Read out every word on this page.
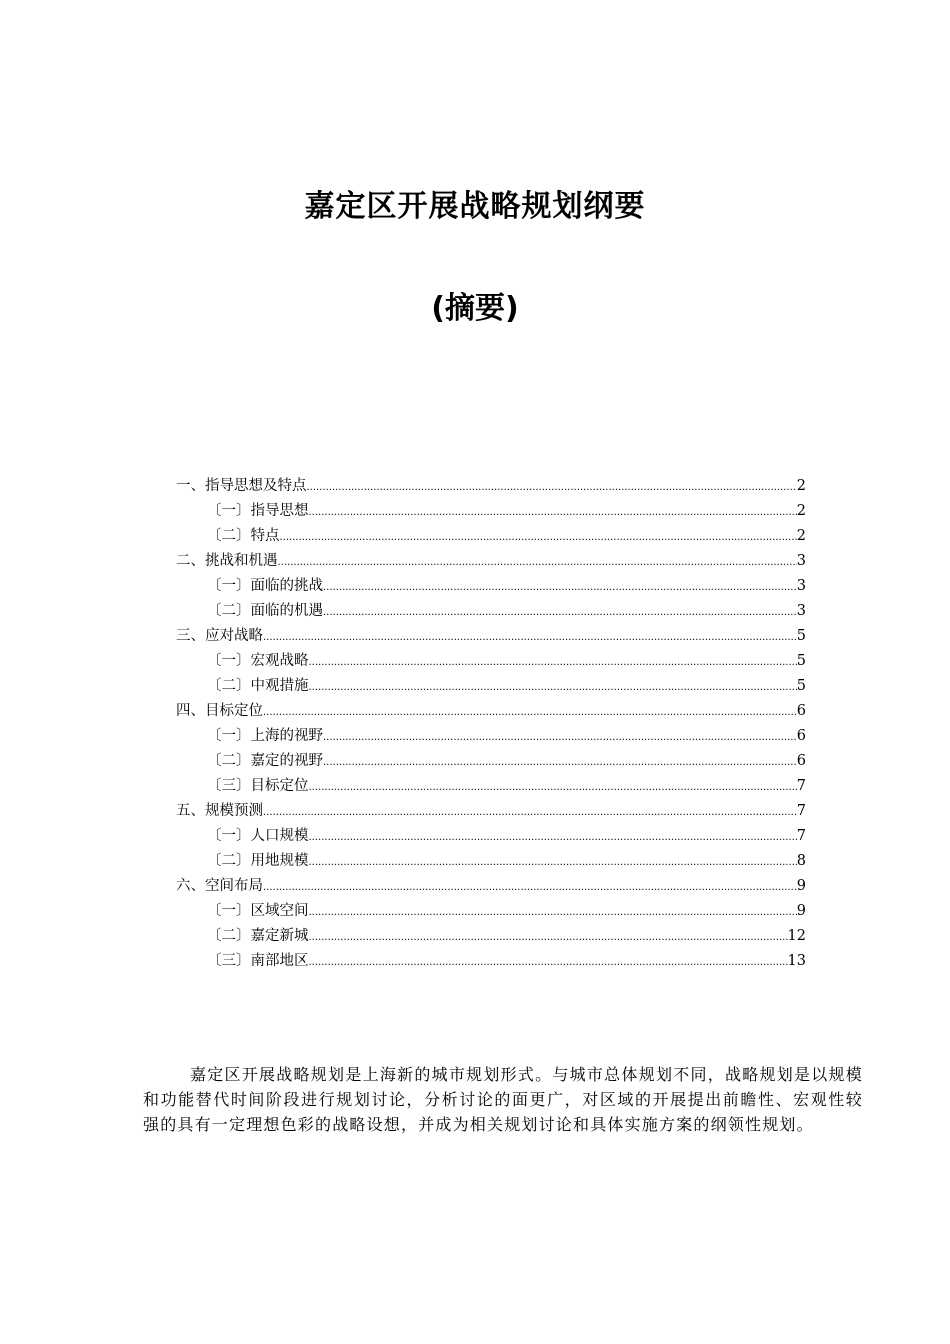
嘉定区开展战略规划纲要
(摘要)
一、指导思想及特点 .....	2
〔一〕指导思想 .....	2
〔二〕特点 .....	2
二、挑战和机遇 .....	3
〔一〕面临的挑战 .....	3
〔二〕面临的机遇 .....	3
三、应对战略 .....	5
〔一〕宏观战略 .....	5
〔二〕中观措施 .....	5
四、目标定位 .....	6
〔一〕上海的视野 .....	6
〔二〕嘉定的视野 .....	6
〔三〕目标定位 .....	7
五、规模预测 .....	7
〔一〕人口规模 .....	7
〔二〕用地规模 .....	8
六、空间布局 .....	9
〔一〕区域空间 .....	9
〔二〕嘉定新城 .....	12
〔三〕南部地区 .....	13

嘉定区开展战略规划是上海新的城市规划形式。与城市总体规划不同，战略规划是以规模和功能替代时间阶段进行规划讨论，分析讨论的面更广，对区域的开展提出前瞻性、宏观性较强的具有一定理想色彩的战略设想，并成为相关规划讨论和具体实施方案的纲领性规划。
